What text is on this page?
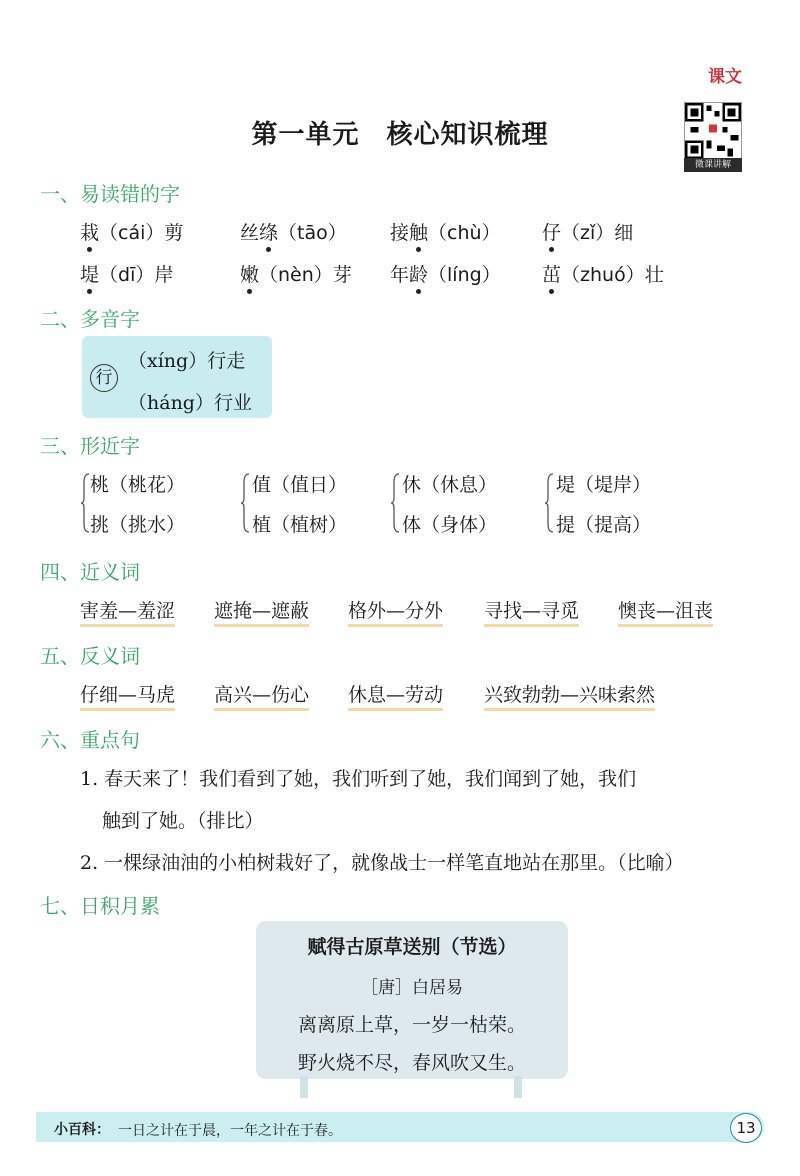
课文
微课讲解
第一单元　核心知识梳理
一、易读错的字
栽（cái）剪	丝绦（tāo） 接触（chù） 仔（zǐ）细
堤（dī）岸	嫩（nèn）芽 年龄（líng） 茁（zhuó）壮
二、多音字
行
（xíng）行走
（háng）行业
三、形近字
桃（桃花）
挑（挑水）
值（值日）
植（植树）
休（休息）
体（身体）
堤（堤岸）
提（提高）
四、近义词
害羞—羞涩 遮掩—遮蔽 格外—分外 寻找—寻觅 懊丧—沮丧
五、反义词
仔细—马虎 高兴—伤心 休息—劳动 兴致勃勃—兴味索然
六、重点句
1. 春天来了！我们看到了她，我们听到了她，我们闻到了她，我们
触到了她。（排比）
2. 一棵绿油油的小柏树栽好了，就像战士一样笔直地站在那里。（比喻）
七、日积月累
赋得古原草送别（节选）
［唐］白居易
离离原上草，一岁一枯荣。
野火烧不尽，春风吹又生。
小百科： 一日之计在于晨，一年之计在于春。	13
